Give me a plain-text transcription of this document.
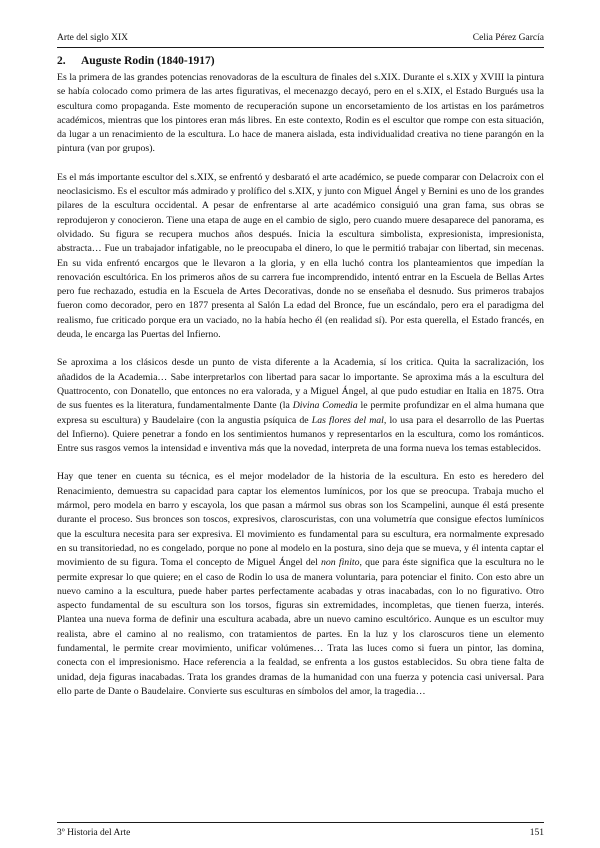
Arte del siglo XIX	Celia Pérez García
2. Auguste Rodin (1840-1917)

Es la primera de las grandes potencias renovadoras de la escultura de finales del s.XIX. Durante el s.XIX y XVIII la pintura se había colocado como primera de las artes figurativas, el mecenazgo decayó, pero en el s.XIX, el Estado Burgués usa la escultura como propaganda. Este momento de recuperación supone un encorsetamiento de los artistas en los parámetros académicos, mientras que los pintores eran más libres. En este contexto, Rodin es el escultor que rompe con esta situación, da lugar a un renacimiento de la escultura. Lo hace de manera aislada, esta individualidad creativa no tiene parangón en la pintura (van por grupos).

Es el más importante escultor del s.XIX, se enfrentó y desbarató el arte académico, se puede comparar con Delacroix con el neoclasicismo. Es el escultor más admirado y prolífico del s.XIX, y junto con Miguel Ángel y Bernini es uno de los grandes pilares de la escultura occidental. A pesar de enfrentarse al arte académico consiguió una gran fama, sus obras se reprodujeron y conocieron. Tiene una etapa de auge en el cambio de siglo, pero cuando muere desaparece del panorama, es olvidado. Su figura se recupera muchos años después. Inicia la escultura simbolista, expresionista, impresionista, abstracta… Fue un trabajador infatigable, no le preocupaba el dinero, lo que le permitió trabajar con libertad, sin mecenas. En su vida enfrentó encargos que le llevaron a la gloria, y en ella luchó contra los planteamientos que impedían la renovación escultórica. En los primeros años de su carrera fue incomprendido, intentó entrar en la Escuela de Bellas Artes pero fue rechazado, estudia en la Escuela de Artes Decorativas, donde no se enseñaba el desnudo. Sus primeros trabajos fueron como decorador, pero en 1877 presenta al Salón La edad del Bronce, fue un escándalo, pero era el paradigma del realismo, fue criticado porque era un vaciado, no la había hecho él (en realidad sí). Por esta querella, el Estado francés, en deuda, le encarga las Puertas del Infierno.

Se aproxima a los clásicos desde un punto de vista diferente a la Academia, sí los critica. Quita la sacralización, los añadidos de la Academia… Sabe interpretarlos con libertad para sacar lo importante. Se aproxima más a la escultura del Quattrocento, con Donatello, que entonces no era valorada, y a Miguel Ángel, al que pudo estudiar en Italia en 1875. Otra de sus fuentes es la literatura, fundamentalmente Dante (la Divina Comedia le permite profundizar en el alma humana que expresa su escultura) y Baudelaire (con la angustia psíquica de Las flores del mal, lo usa para el desarrollo de las Puertas del Infierno). Quiere penetrar a fondo en los sentimientos humanos y representarlos en la escultura, como los románticos. Entre sus rasgos vemos la intensidad e inventiva más que la novedad, interpreta de una forma nueva los temas establecidos.

Hay que tener en cuenta su técnica, es el mejor modelador de la historia de la escultura. En esto es heredero del Renacimiento, demuestra su capacidad para captar los elementos lumínicos, por los que se preocupa. Trabaja mucho el mármol, pero modela en barro y escayola, los que pasan a mármol sus obras son los Scampelini, aunque él está presente durante el proceso. Sus bronces son toscos, expresivos, claroscuristas, con una volumetría que consigue efectos lumínicos que la escultura necesita para ser expresiva. El movimiento es fundamental para su escultura, era normalmente expresado en su transitoriedad, no es congelado, porque no pone al modelo en la postura, sino deja que se mueva, y él intenta captar el movimiento de su figura. Toma el concepto de Miguel Ángel del non finito, que para éste significa que la escultura no le permite expresar lo que quiere; en el caso de Rodin lo usa de manera voluntaria, para potenciar el finito. Con esto abre un nuevo camino a la escultura, puede haber partes perfectamente acabadas y otras inacabadas, con lo no figurativo. Otro aspecto fundamental de su escultura son los torsos, figuras sin extremidades, incompletas, que tienen fuerza, interés. Plantea una nueva forma de definir una escultura acabada, abre un nuevo camino escultórico. Aunque es un escultor muy realista, abre el camino al no realismo, con tratamientos de partes. En la luz y los claroscuros tiene un elemento fundamental, le permite crear movimiento, unificar volúmenes… Trata las luces como si fuera un pintor, las domina, conecta con el impresionismo. Hace referencia a la fealdad, se enfrenta a los gustos establecidos. Su obra tiene falta de unidad, deja figuras inacabadas. Trata los grandes dramas de la humanidad con una fuerza y potencia casi universal. Para ello parte de Dante o Baudelaire. Convierte sus esculturas en símbolos del amor, la tragedia…

3º Historia del Arte	151
